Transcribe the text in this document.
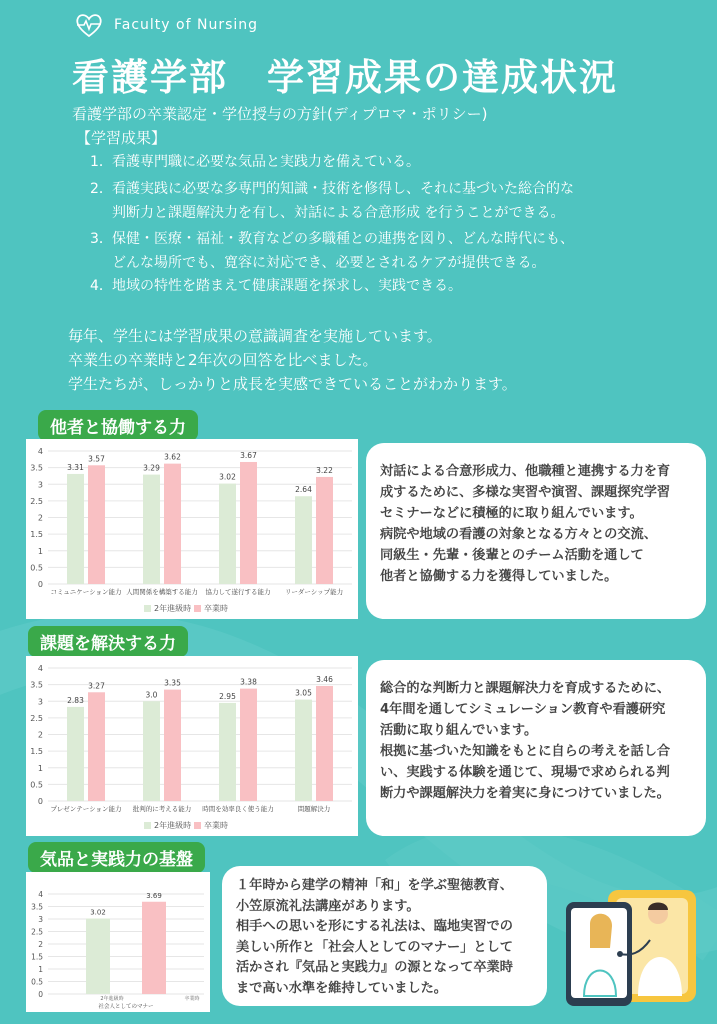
Faculty of Nursing
看護学部　学習成果の達成状況
看護学部の卒業認定・学位授与の方針(ディプロマ・ポリシー)
【学習成果】
1．看護専門職に必要な気品と実践力を備えている。
2．看護実践に必要な多専門的知識・技術を修得し、それに基づいた総合的な
判断力と課題解決力を有し、対話による合意形成 を行うことができる。
3．保健・医療・福祉・教育などの多職種との連携を図り、どんな時代にも、
どんな場所でも、寛容に対応でき、必要とされるケアが提供できる。
4．地域の特性を踏まえて健康課題を探求し、実践できる。
毎年、学生には学習成果の意識調査を実施しています。
卒業生の卒業時と2年次の回答を比べました。
学生たちが、しっかりと成長を実感できていることがわかります。
他者と協働する力
0
0.5
1
1.5
2
2.5
3
3.5
4
3.31
3.57
コミュニケーション能力
3.29
3.62
人間関係を構築する能力
3.02
3.67
協力して遂行する能力
2.64
3.22
リーダーシップ能力
2年進級時 卒業時

対話による合意形成力、他職種と連携する力を育

成するために、多様な実習や演習、課題探究学習

セミナーなどに積極的に取り組んでいます。

病院や地域の看護の対象となる方々との交流、

同級生・先輩・後輩とのチーム活動を通して

他者と協働する力を獲得していました。

課題を解決する力
0
0.5
1
1.5
2
2.5
3
3.5
4
2.83
3.27
プレゼンテーション能力
3.0
3.35
批判的に考える能力
2.95
3.38
時間を効率良く使う能力
3.05
3.46
問題解決力
2年進級時 卒業時

総合的な判断力と課題解決力を育成するために、

4年間を通してシミュレーション教育や看護研究

活動に取り組んでいます。

根拠に基づいた知識をもとに自らの考えを話し合

い、実践する体験を通じて、現場で求められる判

断力や課題解決力を着実に身につけていました。

気品と実践力の基盤
0
0.5
1
1.5
2
2.5
3
3.5
4
3.02
3.69
社会人としてのマナー
2年進級時	卒業時

１年時から建学の精神「和」を学ぶ聖徳教育、

小笠原流礼法講座があります。

相手への思いを形にする礼法は、臨地実習での

美しい所作と「社会人としてのマナー」として

活かされ『気品と実践力』の源となって卒業時

まで高い水準を維持していました。
